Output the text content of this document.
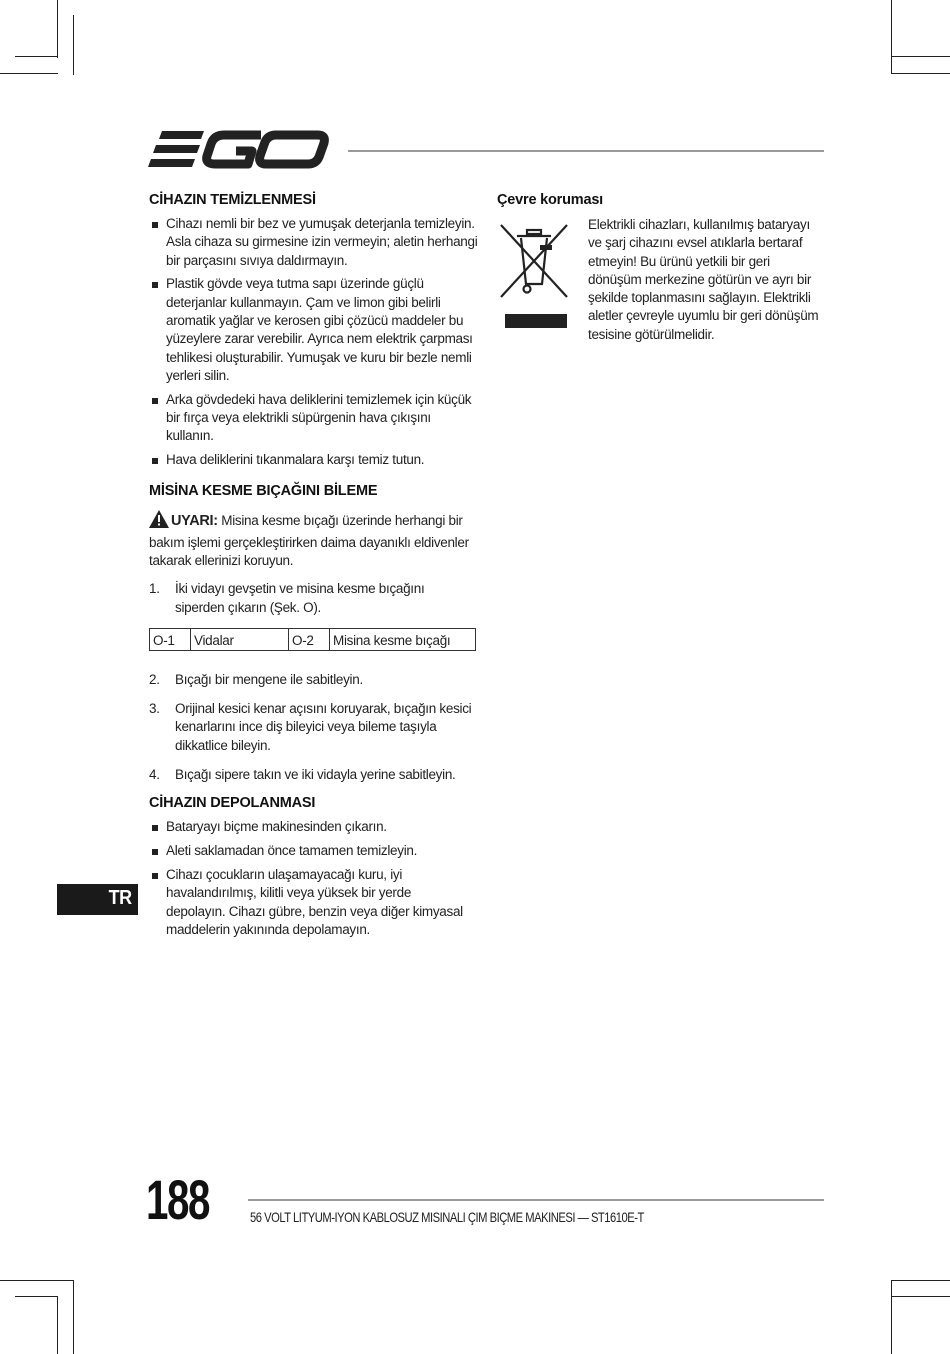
CİHAZIN TEMİZLENMESİ
Cihazı nemli bir bez ve yumuşak deterjanla temizleyin. Asla cihaza su girmesine izin vermeyin; aletin herhangi bir parçasını sıvıya daldırmayın.
Plastik gövde veya tutma sapı üzerinde güçlü deterjanlar kullanmayın. Çam ve limon gibi belirli aromatik yağlar ve kerosen gibi çözücü maddeler bu yüzeylere zarar verebilir. Ayrıca nem elektrik çarpması tehlikesi oluşturabilir. Yumuşak ve kuru bir bezle nemli yerleri silin.
Arka gövdedeki hava deliklerini temizlemek için küçük bir fırça veya elektrikli süpürgenin hava çıkışını kullanın.
Hava deliklerini tıkanmalara karşı temiz tutun.
MİSİNA KESME BIÇAĞINI BİLEME
UYARI: Misina kesme bıçağı üzerinde herhangi bir bakım işlemi gerçekleştirirken daima dayanıklı eldivenler takarak ellerinizi koruyun.
1. İki vidayı gevşetin ve misina kesme bıçağını siperden çıkarın (Şek. O).
O-1	Vidalar	O-2	Misina kesme bıçağı
2. Bıçağı bir mengene ile sabitleyin.
3. Orijinal kesici kenar açısını koruyarak, bıçağın kesici kenarlarını ince diş bileyici veya bileme taşıyla dikkatlice bileyin.
4. Bıçağı sipere takın ve iki vidayla yerine sabitleyin.
CİHAZIN DEPOLANMASI
Bataryayı biçme makinesinden çıkarın.
Aleti saklamadan önce tamamen temizleyin.
Cihazı çocukların ulaşamayacağı kuru, iyi havalandırılmış, kilitli veya yüksek bir yerde depolayın. Cihazı gübre, benzin veya diğer kimyasal maddelerin yakınında depolamayın.
Çevre koruması
Elektrikli cihazları, kullanılmış bataryayı ve şarj cihazını evsel atıklarla bertaraf etmeyin! Bu ürünü yetkili bir geri dönüşüm merkezine götürün ve ayrı bir şekilde toplanmasını sağlayın. Elektrikli aletler çevreyle uyumlu bir geri dönüşüm tesisine götürülmelidir.
TR
188	56 VOLT LITYUM-IYON KABLOSUZ MISINALI ÇIM BIÇME MAKINESI — ST1610E-T
